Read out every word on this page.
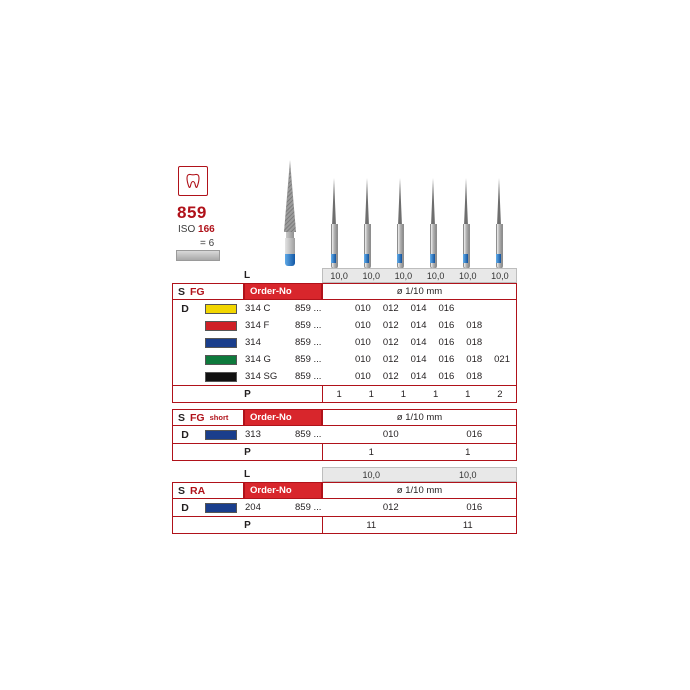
859
ISO 166
= 6
L	10,0	10,0	10,0	10,0	10,0	10,0
S FG	Order-No	ø 1/10 mm
D	314 C	859 ...	010	012	014	016
314 F	859 ...	010	012	014	016	018
314	859 ...	010	012	014	016	018
314 G	859 ...	010	012	014	016	018	021
314 SG	859 ...	010	012	014	016	018
P	1	1	1	1	1	2
S FG short	Order-No	ø 1/10 mm
D	313	859 ...	010	016
P	1	1
L	10,0	10,0
S RA	Order-No	ø 1/10 mm
D	204	859 ...	012	016
P	11	11
